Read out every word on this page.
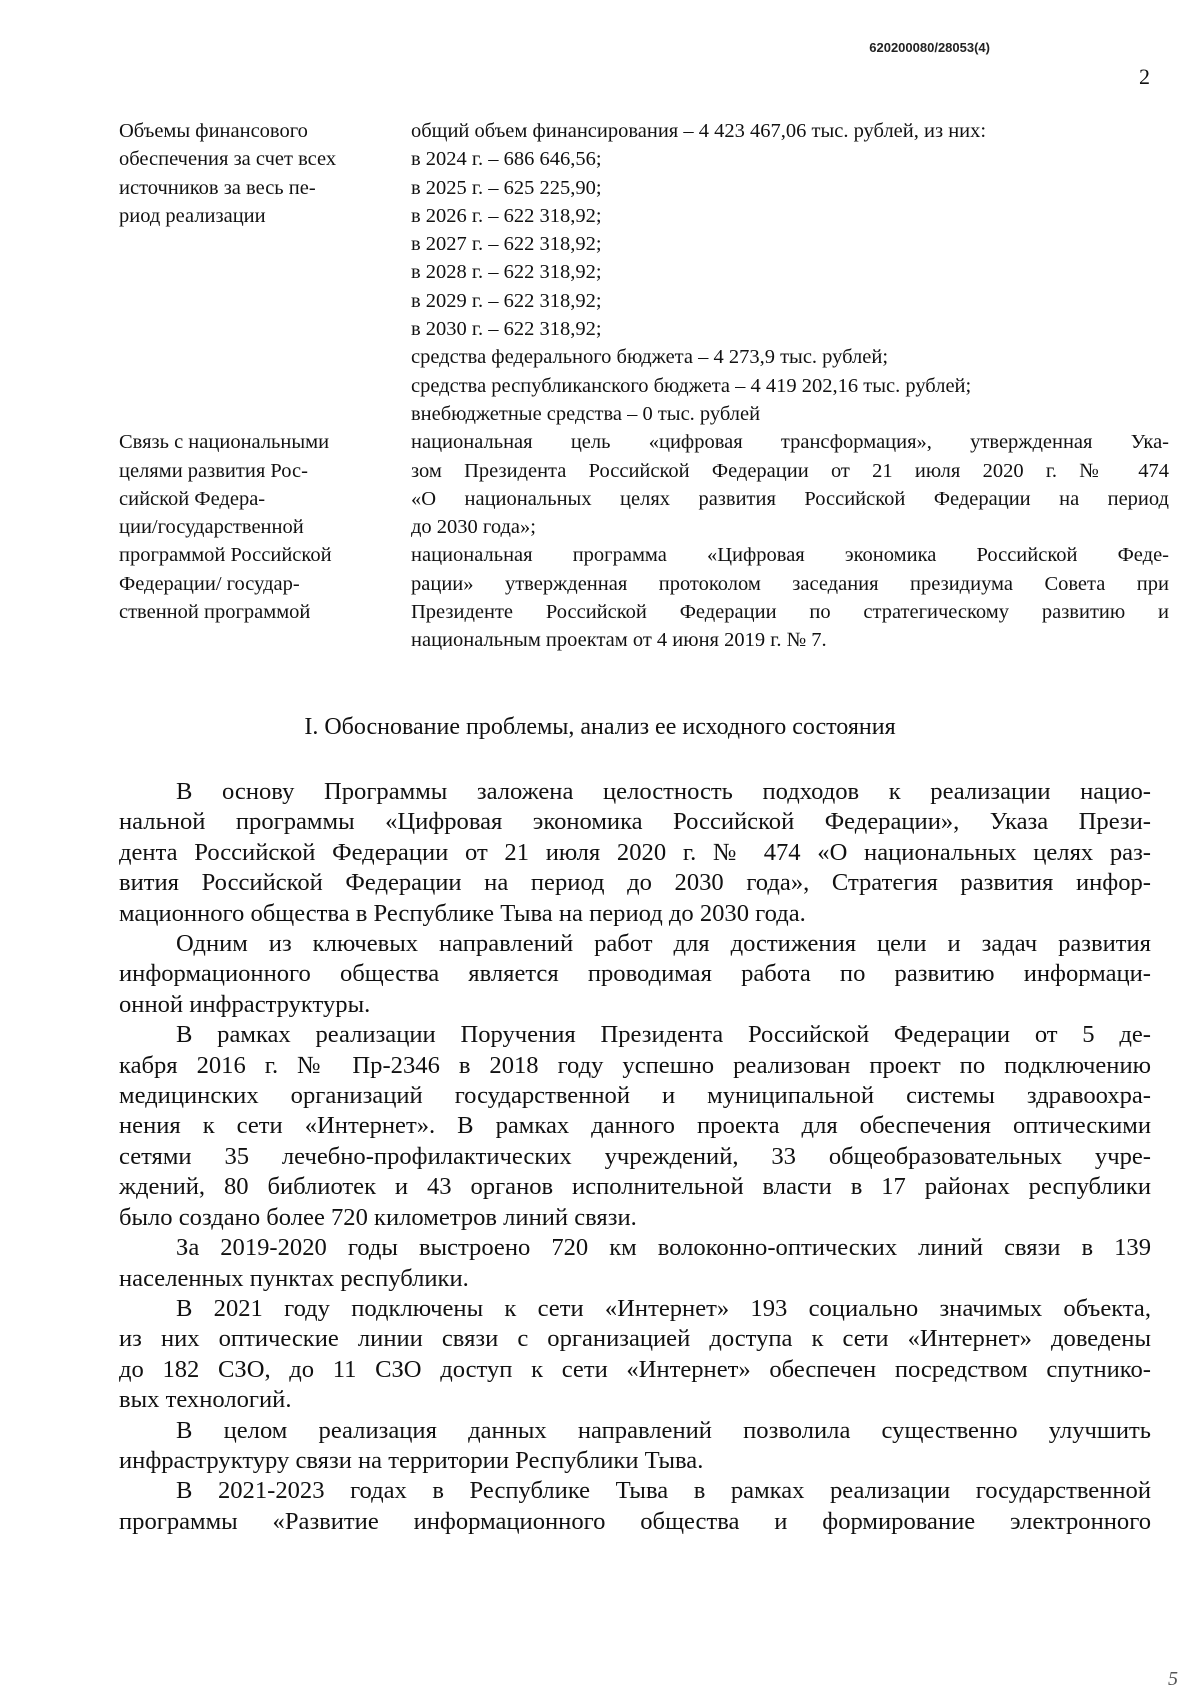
620200080/28053(4)
2
Объемы финансового
обеспечения за счет всех
источников за весь пе-
риод реализации
общий объем финансирования – 4 423 467,06 тыс. рублей, из них:
в 2024 г. – 686 646,56;
в 2025 г. – 625 225,90;
в 2026 г. – 622 318,92;
в 2027 г. – 622 318,92;
в 2028 г. – 622 318,92;
в 2029 г. – 622 318,92;
в 2030 г. – 622 318,92;
средства федерального бюджета – 4 273,9 тыс. рублей;
средства республиканского бюджета – 4 419 202,16 тыс. рублей;
внебюджетные средства – 0 тыс. рублей
Связь с национальными
целями развития Рос-
сийской Федера-
ции/государственной
программой Российской
Федерации/ государ-
ственной программой
национальная цель «цифровая трансформация», утвержденная Ука-
зом Президента Российской Федерации от 21 июля 2020 г. № 474
«О национальных целях развития Российской Федерации на период
до 2030 года»;
национальная программа «Цифровая экономика Российской Феде-
рации» утвержденная протоколом заседания президиума Совета при
Президенте Российской Федерации по стратегическому развитию и
национальным проектам от 4 июня 2019 г. № 7.
I. Обоснование проблемы, анализ ее исходного состояния
В основу Программы заложена целостность подходов к реализации нацио-
нальной программы «Цифровая экономика Российской Федерации», Указа Прези-
дента Российской Федерации от 21 июля 2020 г. № 474 «О национальных целях раз-
вития Российской Федерации на период до 2030 года», Стратегия развития инфор-
мационного общества в Республике Тыва на период до 2030 года.
Одним из ключевых направлений работ для достижения цели и задач развития
информационного общества является проводимая работа по развитию информаци-
онной инфраструктуры.
В рамках реализации Поручения Президента Российской Федерации от 5 де-
кабря 2016 г. № Пр-2346 в 2018 году успешно реализован проект по подключению
медицинских организаций государственной и муниципальной системы здравоохра-
нения к сети «Интернет». В рамках данного проекта для обеспечения оптическими
сетями 35 лечебно-профилактических учреждений, 33 общеобразовательных учре-
ждений, 80 библиотек и 43 органов исполнительной власти в 17 районах республики
было создано более 720 километров линий связи.
За 2019-2020 годы выстроено 720 км волоконно-оптических линий связи в 139
населенных пунктах республики.
В 2021 году подключены к сети «Интернет» 193 социально значимых объекта,
из них оптические линии связи с организацией доступа к сети «Интернет» доведены
до 182 СЗО, до 11 СЗО доступ к сети «Интернет» обеспечен посредством спутнико-
вых технологий.
В целом реализация данных направлений позволила существенно улучшить
инфраструктуру связи на территории Республики Тыва.
В 2021-2023 годах в Республике Тыва в рамках реализации государственной
программы «Развитие информационного общества и формирование электронного
5
